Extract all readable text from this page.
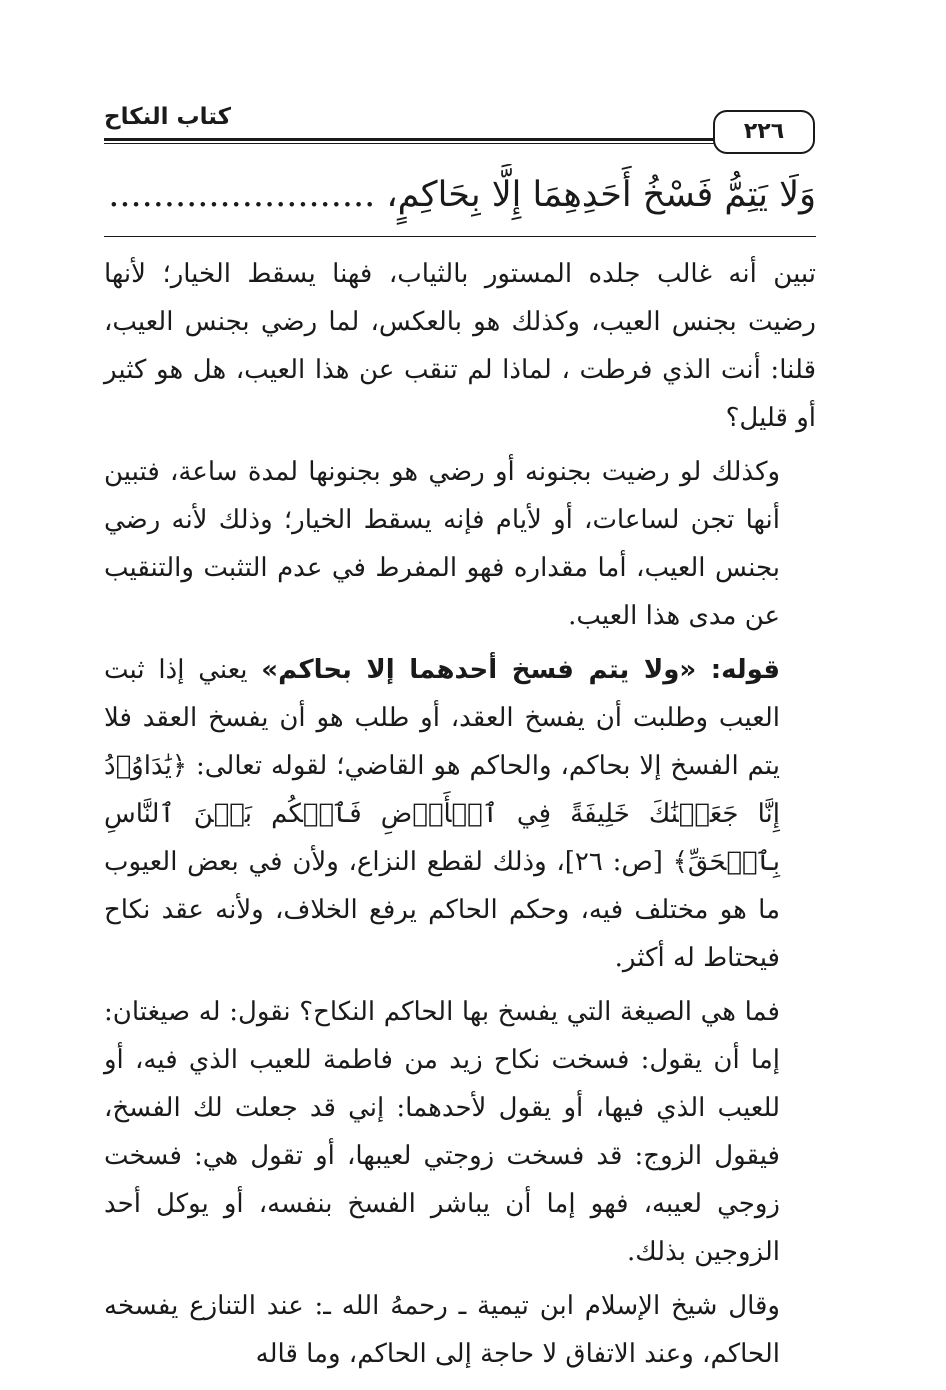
كتاب النكاح
٢٢٦
وَلَا يَتِمُّ فَسْخُ أَحَدِهِمَا إِلَّا بِحَاكِمٍ، ........................

تبين أنه غالب جلده المستور بالثياب، فهنا يسقط الخيار؛ لأنها رضيت بجنس العيب، وكذلك هو بالعكس، لما رضي بجنس العيب، قلنا: أنت الذي فرطت ، لماذا لم تنقب عن هذا العيب، هل هو كثير أو قليل؟

وكذلك لو رضيت بجنونه أو رضي هو بجنونها لمدة ساعة، فتبين أنها تجن لساعات، أو لأيام فإنه يسقط الخيار؛ وذلك لأنه رضي بجنس العيب، أما مقداره فهو المفرط في عدم التثبت والتنقيب عن مدى هذا العيب.

قوله: «ولا يتم فسخ أحدهما إلا بحاكم» يعني إذا ثبت العيب وطلبت أن يفسخ العقد، أو طلب هو أن يفسخ العقد فلا يتم الفسخ إلا بحاكم، والحاكم هو القاضي؛ لقوله تعالى: ﴿يَٰدَاوُۥدُ إِنَّا جَعَلۡنَٰكَ خَلِيفَةً فِي ٱلۡأَرۡضِ فَٱحۡكُم بَيۡنَ ٱلنَّاسِ بِٱلۡحَقِّ﴾ [ص: ٢٦]، وذلك لقطع النزاع، ولأن في بعض العيوب ما هو مختلف فيه، وحكم الحاكم يرفع الخلاف، ولأنه عقد نكاح فيحتاط له أكثر.

فما هي الصيغة التي يفسخ بها الحاكم النكاح؟ نقول: له صيغتان: إما أن يقول: فسخت نكاح زيد من فاطمة للعيب الذي فيه، أو للعيب الذي فيها، أو يقول لأحدهما: إني قد جعلت لك الفسخ، فيقول الزوج: قد فسخت زوجتي لعيبها، أو تقول هي: فسخت زوجي لعيبه، فهو إما أن يباشر الفسخ بنفسه، أو يوكل أحد الزوجين بذلك.

وقال شيخ الإسلام ابن تيمية ـ رحمهُ الله ـ: عند التنازع يفسخه الحاكم، وعند الاتفاق لا حاجة إلى الحاكم، وما قاله
